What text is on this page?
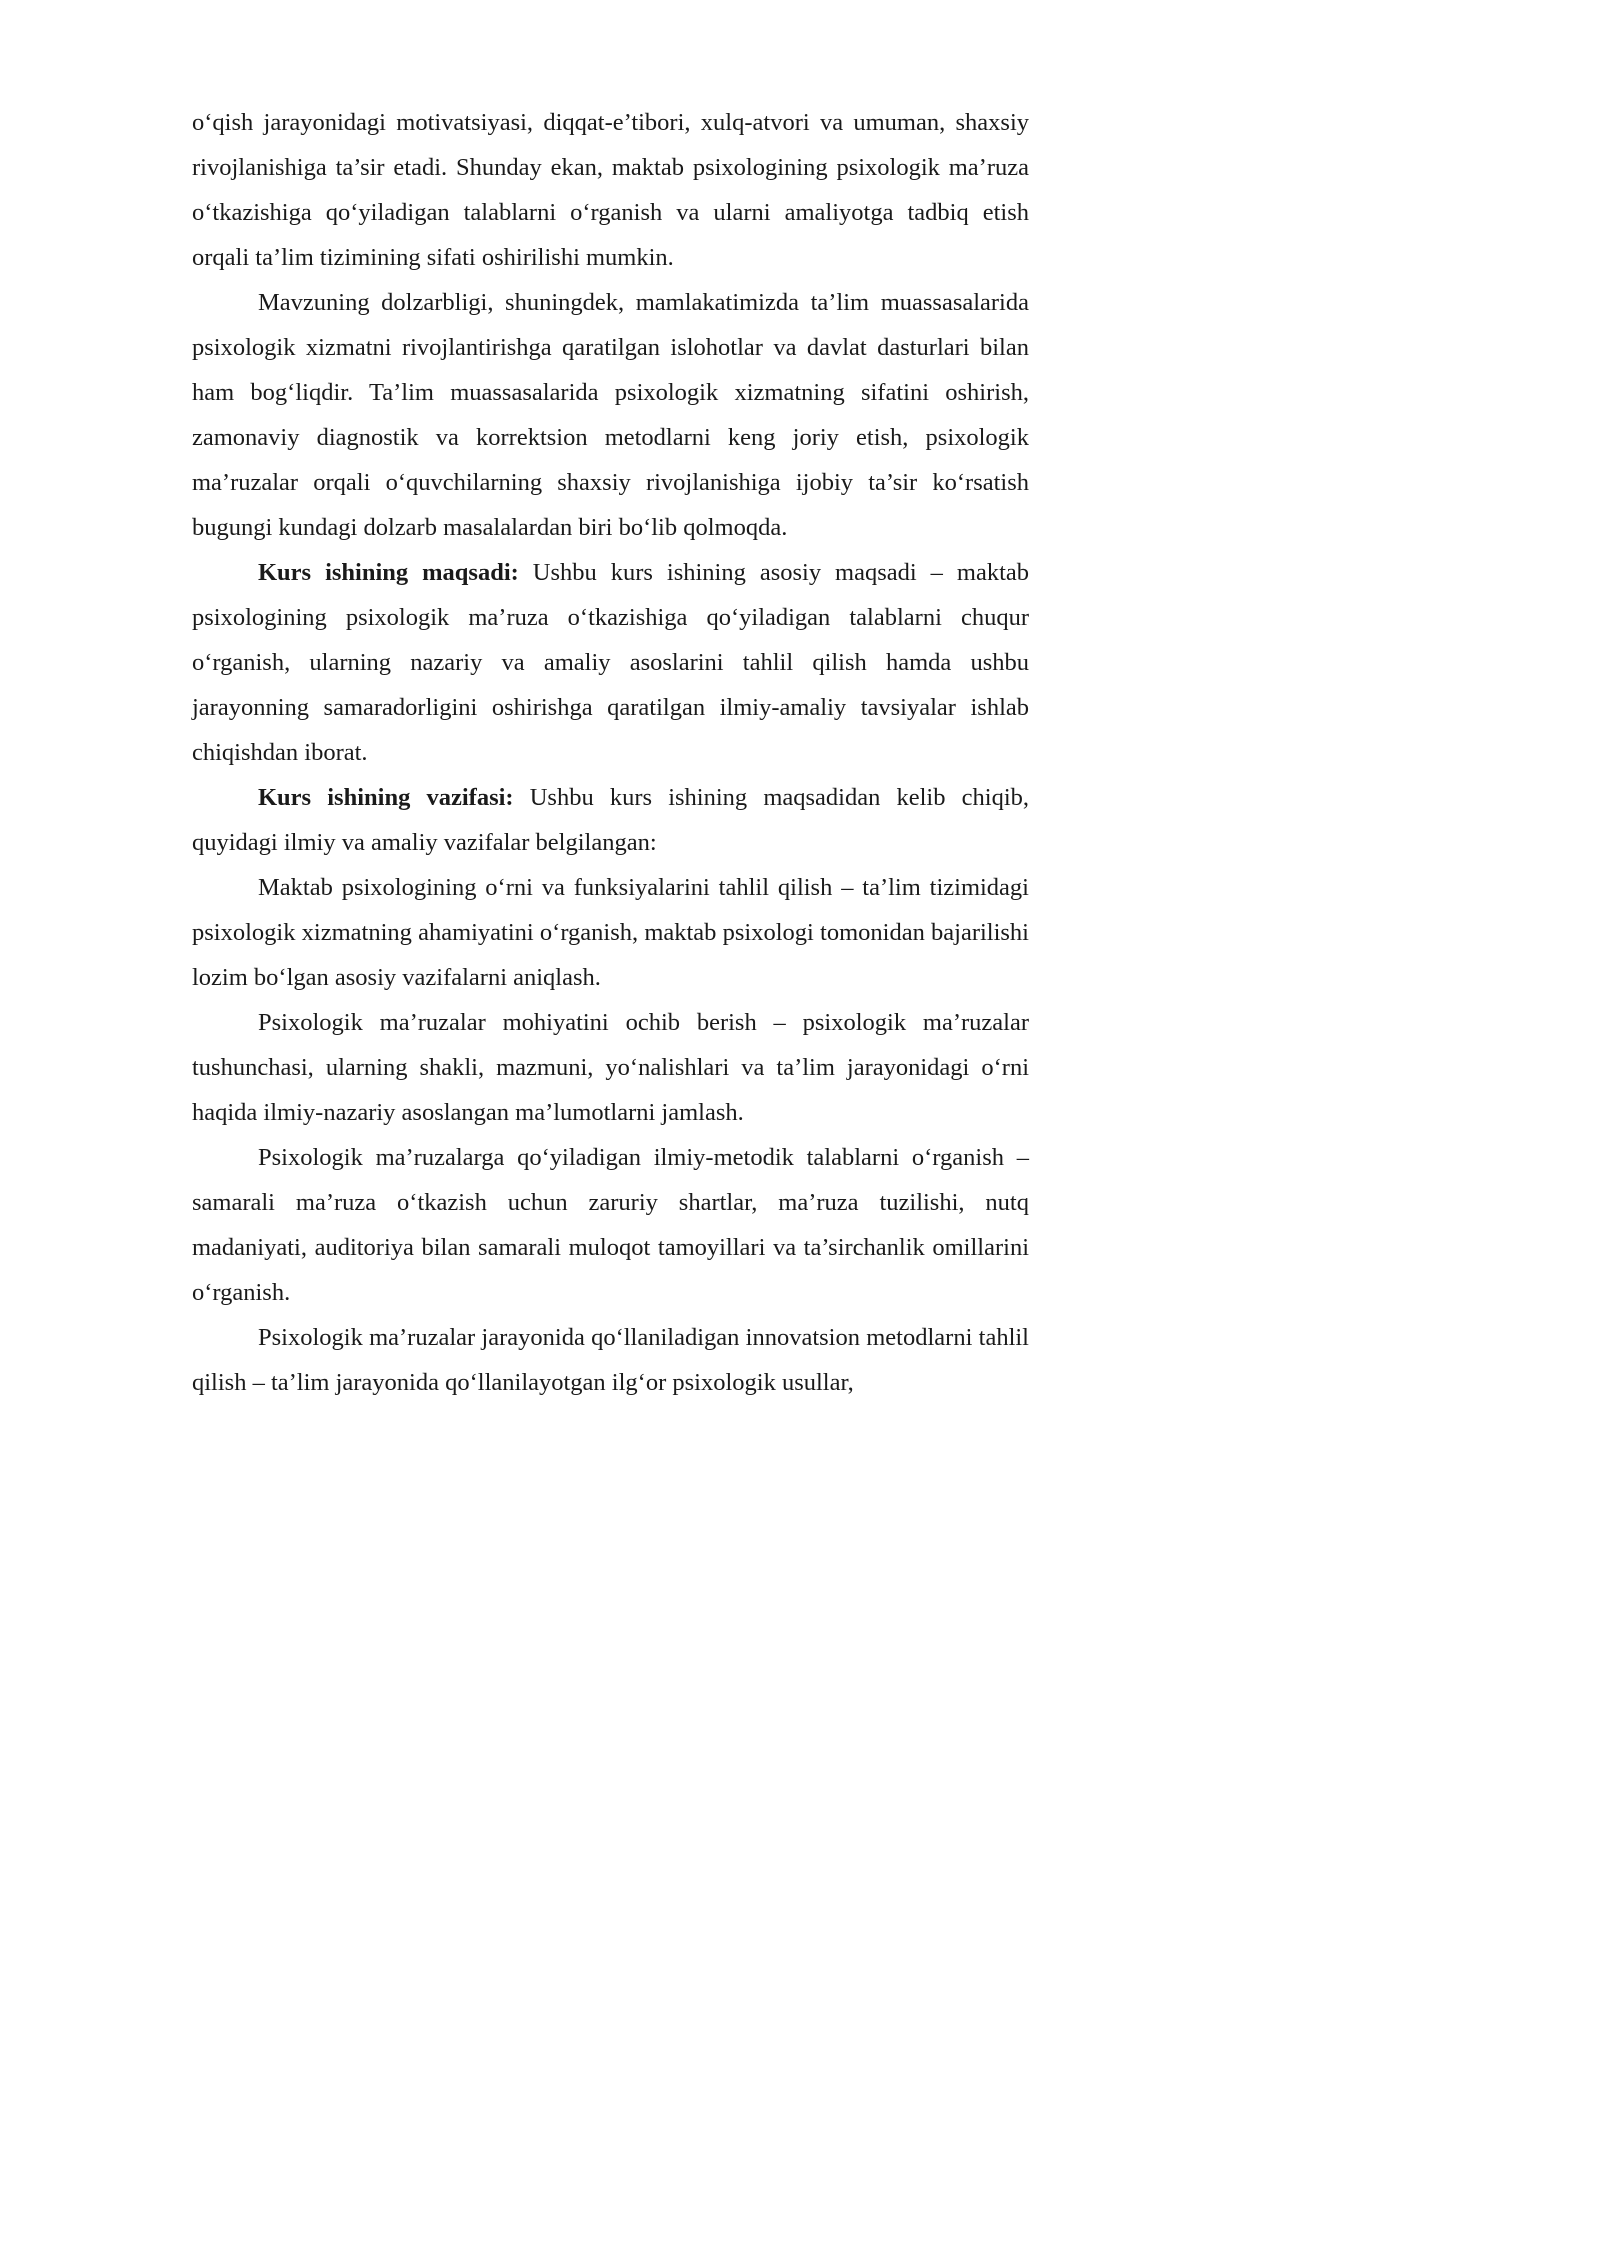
o‘qish jarayonidagi motivatsiyasi, diqqat-e’tibori, xulq-atvori va umuman, shaxsiy rivojlanishiga ta’sir etadi. Shunday ekan, maktab psixologining psixologik ma’ruza o‘tkazishiga qo‘yiladigan talablarni o‘rganish va ularni amaliyotga tadbiq etish orqali ta’lim tizimining sifati oshirilishi mumkin.

Mavzuning dolzarbligi, shuningdek, mamlakatimizda ta’lim muassasalarida psixologik xizmatni rivojlantirishga qaratilgan islohotlar va davlat dasturlari bilan ham bog‘liqdir. Ta’lim muassasalarida psixologik xizmatning sifatini oshirish, zamonaviy diagnostik va korrektsion metodlarni keng joriy etish, psixologik ma’ruzalar orqali o‘quvchilarning shaxsiy rivojlanishiga ijobiy ta’sir ko‘rsatish bugungi kundagi dolzarb masalalardan biri bo‘lib qolmoqda.

Kurs ishining maqsadi: Ushbu kurs ishining asosiy maqsadi – maktab psixologining psixologik ma’ruza o‘tkazishiga qo‘yiladigan talablarni chuqur o‘rganish, ularning nazariy va amaliy asoslarini tahlil qilish hamda ushbu jarayonning samaradorligini oshirishga qaratilgan ilmiy-amaliy tavsiyalar ishlab chiqishdan iborat.

Kurs ishining vazifasi: Ushbu kurs ishining maqsadidan kelib chiqib, quyidagi ilmiy va amaliy vazifalar belgilangan:

Maktab psixologining o‘rni va funksiyalarini tahlil qilish – ta’lim tizimidagi psixologik xizmatning ahamiyatini o‘rganish, maktab psixologi tomonidan bajarilishi lozim bo‘lgan asosiy vazifalarni aniqlash.

Psixologik ma’ruzalar mohiyatini ochib berish – psixologik ma’ruzalar tushunchasi, ularning shakli, mazmuni, yo‘nalishlari va ta’lim jarayonidagi o‘rni haqida ilmiy-nazariy asoslangan ma’lumotlarni jamlash.

Psixologik ma’ruzalarga qo‘yiladigan ilmiy-metodik talablarni o‘rganish – samarali ma’ruza o‘tkazish uchun zaruriy shartlar, ma’ruza tuzilishi, nutq madaniyati, auditoriya bilan samarali muloqot tamoyillari va ta’sirchanlik omillarini o‘rganish.

Psixologik ma’ruzalar jarayonida qo‘llaniladigan innovatsion metodlarni tahlil qilish – ta’lim jarayonida qo‘llanilayotgan ilg‘or psixologik usullar,
